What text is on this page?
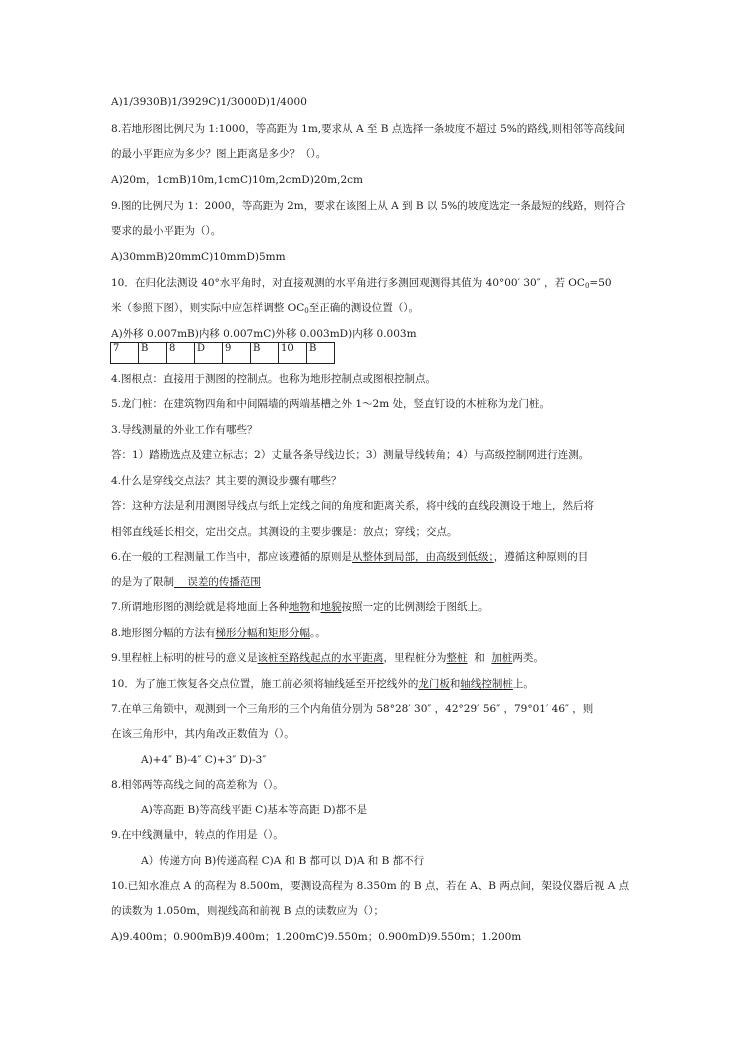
A)1/3930B)1/3929C)1/3000D)1/4000
8.若地形图比例尺为 1:1000，等高距为 1m,要求从 A 至 B 点选择一条坡度不超过 5%的路线,则相邻等高线间
的最小平距应为多少？图上距离是多少？（）。
A)20m，1cmB)10m,1cmC)10m,2cmD)20m,2cm
9.图的比例尺为 1：2000，等高距为 2m，要求在该图上从 A 到 B 以 5%的坡度选定一条最短的线路，则符合
要求的最小平距为（）。
A)30mmB)20mmC)10mmD)5mm
10．在归化法测设 40°水平角时，对直接观测的水平角进行多测回观测得其值为 40°00′ 30″ ，若 $OC_0=50$
米（参照下图），则实际中应怎样调整 $OC_0$至正确的测设位置（）。
A)外移 0.007mB)内移 0.007mC)外移 0.003mD)内移 0.003m
7	B	8	D	9	B	10	B
4.图根点：直接用于测图的控制点。也称为地形控制点或图根控制点。
5.龙门桩：在建筑物四角和中间隔墙的两端基槽之外 1～2m 处，竖直钉设的木桩称为龙门桩。
3.导线测量的外业工作有哪些？
答：1）踏勘选点及建立标志；2）丈量各条导线边长；3）测量导线转角；4）与高级控制网进行连测。
4.什么是穿线交点法？其主要的测设步骤有哪些？
答：这种方法是利用测图导线点与纸上定线之间的角度和距离关系，将中线的直线段测设于地上，然后将
相邻直线延长相交，定出交点。其测设的主要步骤是：放点；穿线；交点。
6.在一般的工程测量工作当中，都应该遵循的原则是从整体到局部，由高级到低级；，遵循这种原则的目
的是为了限制    误差的传播范围
7.所谓地形图的测绘就是将地面上各种地物和地貌按照一定的比例测绘于图纸上。
8.地形图分幅的方法有梯形分幅和矩形分幅。。
9.里程桩上标明的桩号的意义是该桩至路线起点的水平距离，里程桩分为整桩  和  加桩两类。
10．为了施工恢复各交点位置，施工前必须将轴线延至开挖线外的龙门板和轴线控制桩上。
7.在单三角锁中，观测到一个三角形的三个内角值分别为 58°28′ 30″ ，42°29′ 56″ ，79°01′ 46″ ，则
在该三角形中，其内角改正数值为（）。
A)+4″ B)-4″ C)+3″ D)-3″
8.相邻两等高线之间的高差称为（）。
A)等高距 B)等高线平距 C)基本等高距 D)都不是
9.在中线测量中，转点的作用是（）。
A）传递方向 B)传递高程 C)A 和 B 都可以 D)A 和 B 都不行
10.已知水准点 A 的高程为 8.500m，要测设高程为 8.350m 的 B 点，若在 A、B 两点间，架设仪器后视 A 点
的读数为 1.050m，则视线高和前视 B 点的读数应为（）；
A)9.400m；0.900mB)9.400m；1.200mC)9.550m；0.900mD)9.550m；1.200m
